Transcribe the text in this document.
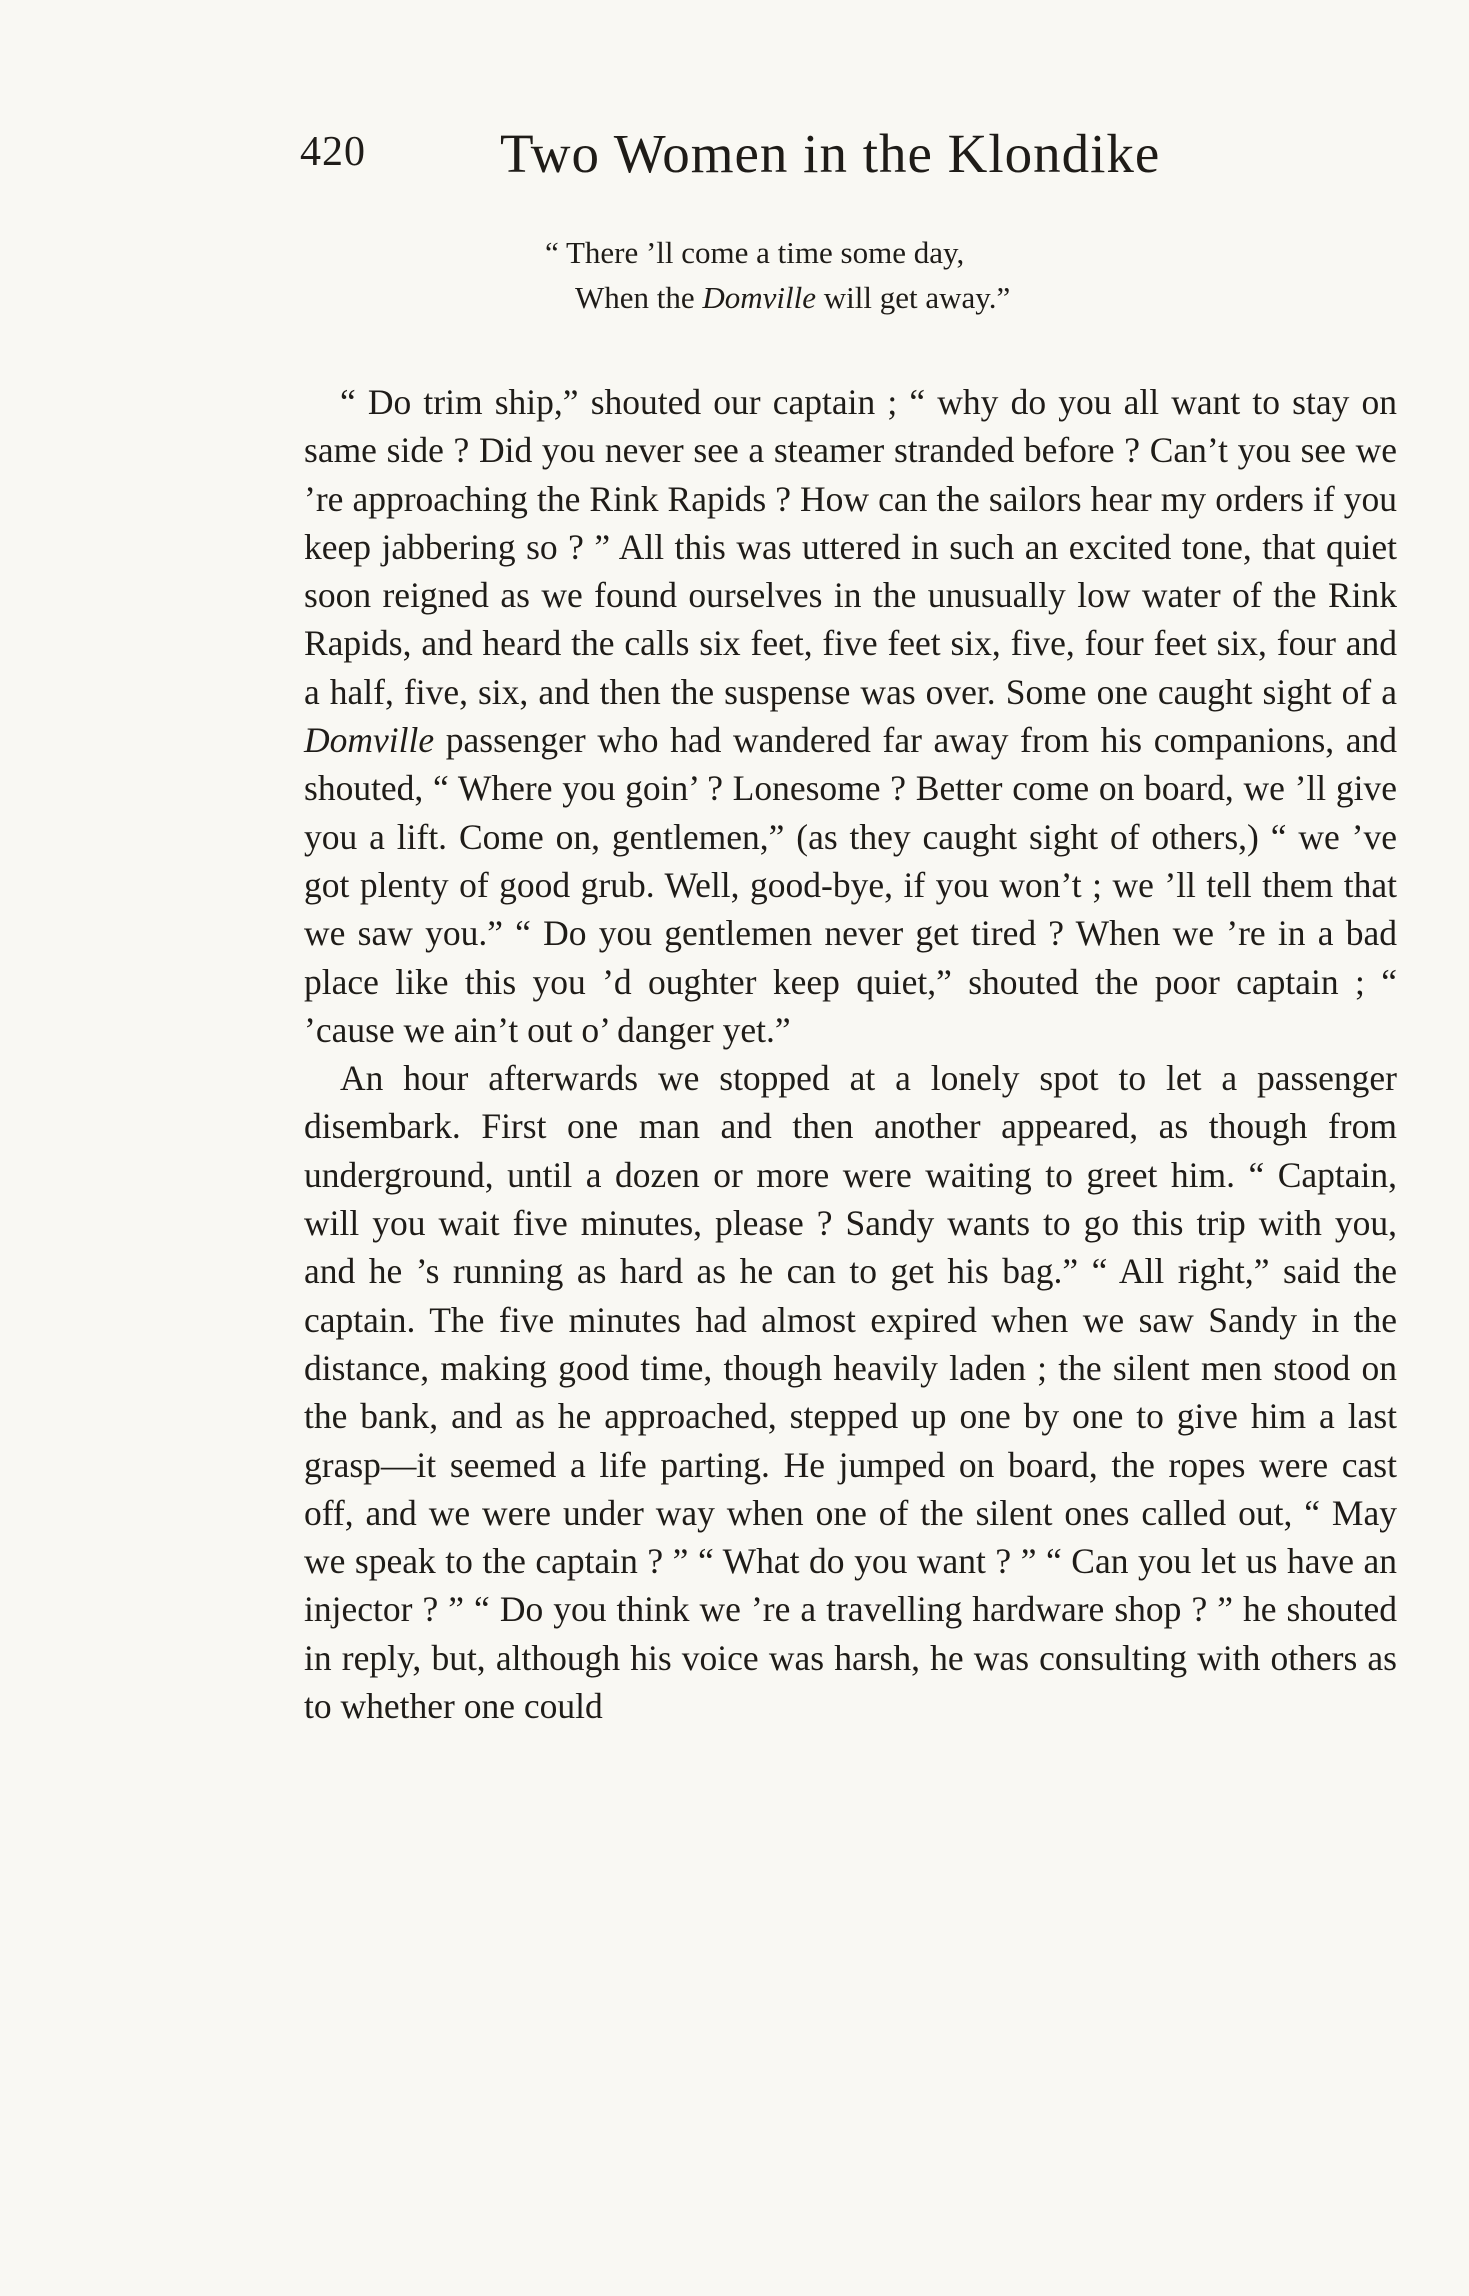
420 Two Women in the Klondike
“ There ’ll come a time some day,
When the Domville will get away.”

“ Do trim ship,” shouted our captain ; “ why do you all want to stay on same side ? Did you never see a steamer stranded before ? Can’t you see we ’re approaching the Rink Rapids ? How can the sailors hear my orders if you keep jabbering so ? ” All this was uttered in such an excited tone, that quiet soon reigned as we found ourselves in the unusually low water of the Rink Rapids, and heard the calls six feet, five feet six, five, four feet six, four and a half, five, six, and then the suspense was over. Some one caught sight of a Domville passenger who had wandered far away from his companions, and shouted, “ Where you goin’ ? Lonesome ? Better come on board, we ’ll give you a lift. Come on, gentlemen,” (as they caught sight of others,) “ we ’ve got plenty of good grub. Well, good-bye, if you won’t ; we ’ll tell them that we saw you.” “ Do you gentlemen never get tired ? When we ’re in a bad place like this you ’d oughter keep quiet,” shouted the poor captain ; “ ’cause we ain’t out o’ danger yet.”

An hour afterwards we stopped at a lonely spot to let a passenger disembark. First one man and then another appeared, as though from underground, until a dozen or more were waiting to greet him. “ Captain, will you wait five minutes, please ? Sandy wants to go this trip with you, and he ’s running as hard as he can to get his bag.” “ All right,” said the captain. The five minutes had almost expired when we saw Sandy in the distance, making good time, though heavily laden ; the silent men stood on the bank, and as he approached, stepped up one by one to give him a last grasp—it seemed a life parting. He jumped on board, the ropes were cast off, and we were under way when one of the silent ones called out, “ May we speak to the captain ? ” “ What do you want ? ” “ Can you let us have an injector ? ” “ Do you think we ’re a travelling hardware shop ? ” he shouted in reply, but, although his voice was harsh, he was consulting with others as to whether one could
